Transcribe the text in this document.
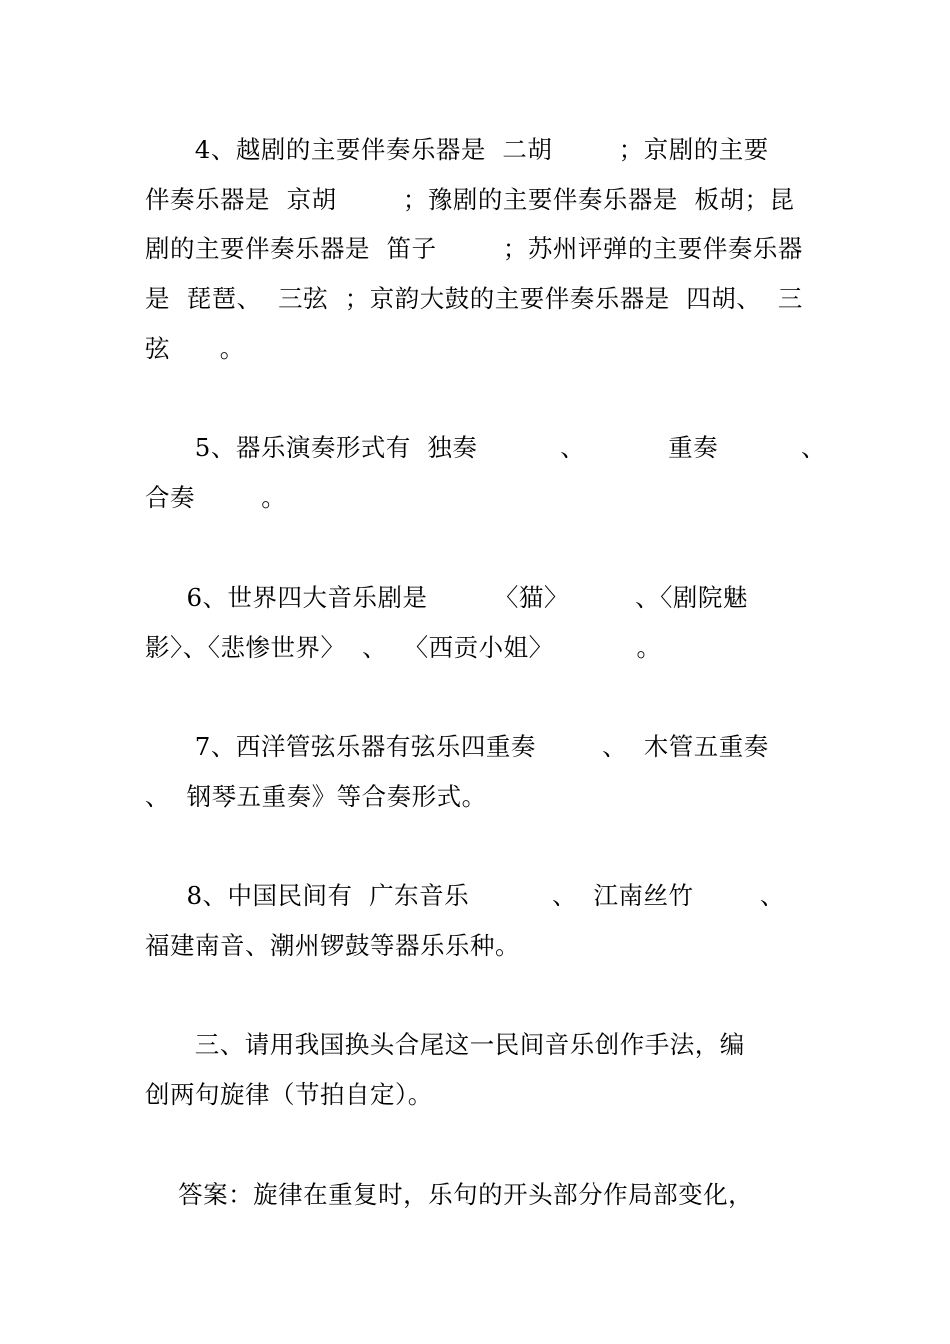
4、越剧的主要伴奏乐器是  二胡        ；京剧的主要
伴奏乐器是  京胡        ；豫剧的主要伴奏乐器是  板胡；昆
剧的主要伴奏乐器是  笛子        ；苏州评弹的主要伴奏乐器
是  琵琶、  三弦  ；京韵大鼓的主要伴奏乐器是  四胡、  三
弦      。
5、器乐演奏形式有  独奏          、          重奏          、
合奏        。
6、世界四大音乐剧是        〈猫〉        、〈剧院魅
影〉、〈悲惨世界〉  、  〈西贡小姐〉          。
7、西洋管弦乐器有弦乐四重奏        、  木管五重奏
、  钢琴五重奏》等合奏形式。
8、中国民间有  广东音乐          、  江南丝竹        、
福建南音、潮州锣鼓等器乐乐种。
三、请用我国换头合尾这一民间音乐创作手法，编
创两句旋律（节拍自定）。
答案：旋律在重复时，乐句的开头部分作局部变化，
